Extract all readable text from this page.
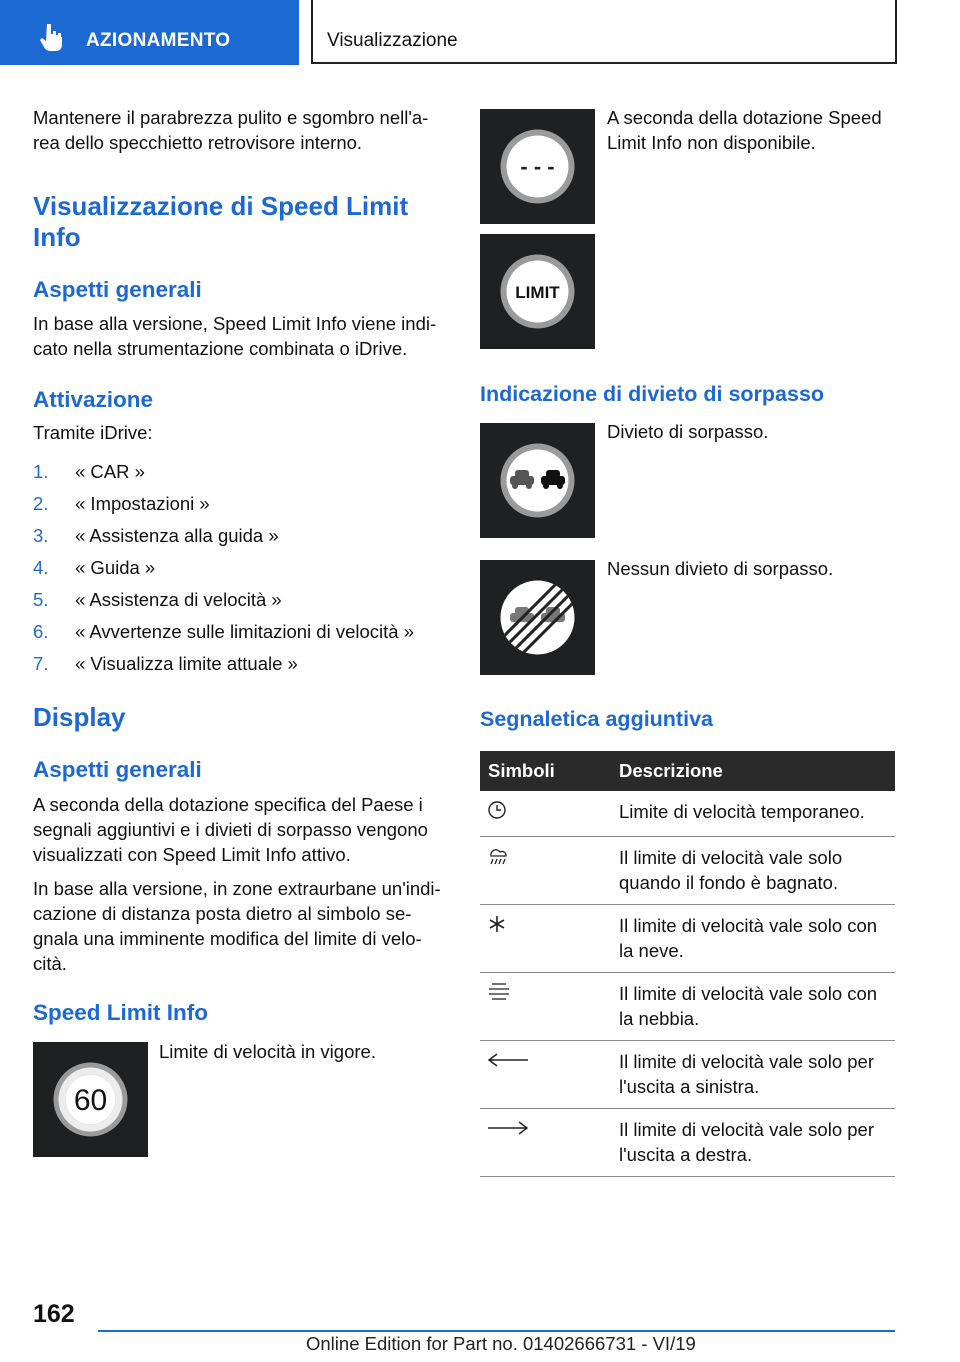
AZIONAMENTO	Visualizzazione
Mantenere il parabrezza pulito e sgombro nell'a-rea dello specchietto retrovisore interno.
Visualizzazione di Speed Limit Info
Aspetti generali
In base alla versione, Speed Limit Info viene indi-cato nella strumentazione combinata o iDrive.
Attivazione
Tramite iDrive:
1. « CAR »
2. « Impostazioni »
3. « Assistenza alla guida »
4. « Guida »
5. « Assistenza di velocità »
6. « Avvertenze sulle limitazioni di velocità »
7. « Visualizza limite attuale »
Display
Aspetti generali
A seconda della dotazione specifica del Paese i segnali aggiuntivi e i divieti di sorpasso vengono visualizzati con Speed Limit Info attivo.
In base alla versione, in zone extraurbane un'indi-cazione di distanza posta dietro al simbolo se-gnala una imminente modifica del limite di velo-cità.
Speed Limit Info
60
Limite di velocità in vigore.
- - -
A seconda della dotazione Speed Limit Info non disponibile.
LIMIT
Indicazione di divieto di sorpasso
Divieto di sorpasso.
Nessun divieto di sorpasso.
Segnaletica aggiuntiva
Simboli	Descrizione
	Limite di velocità temporaneo.
	Il limite di velocità vale solo quando il fondo è bagnato.
	Il limite di velocità vale solo con la neve.
	Il limite di velocità vale solo con la nebbia.
	Il limite di velocità vale solo per l'uscita a sinistra.
	Il limite di velocità vale solo per l'uscita a destra.
162
Online Edition for Part no. 01402666731 - VI/19
